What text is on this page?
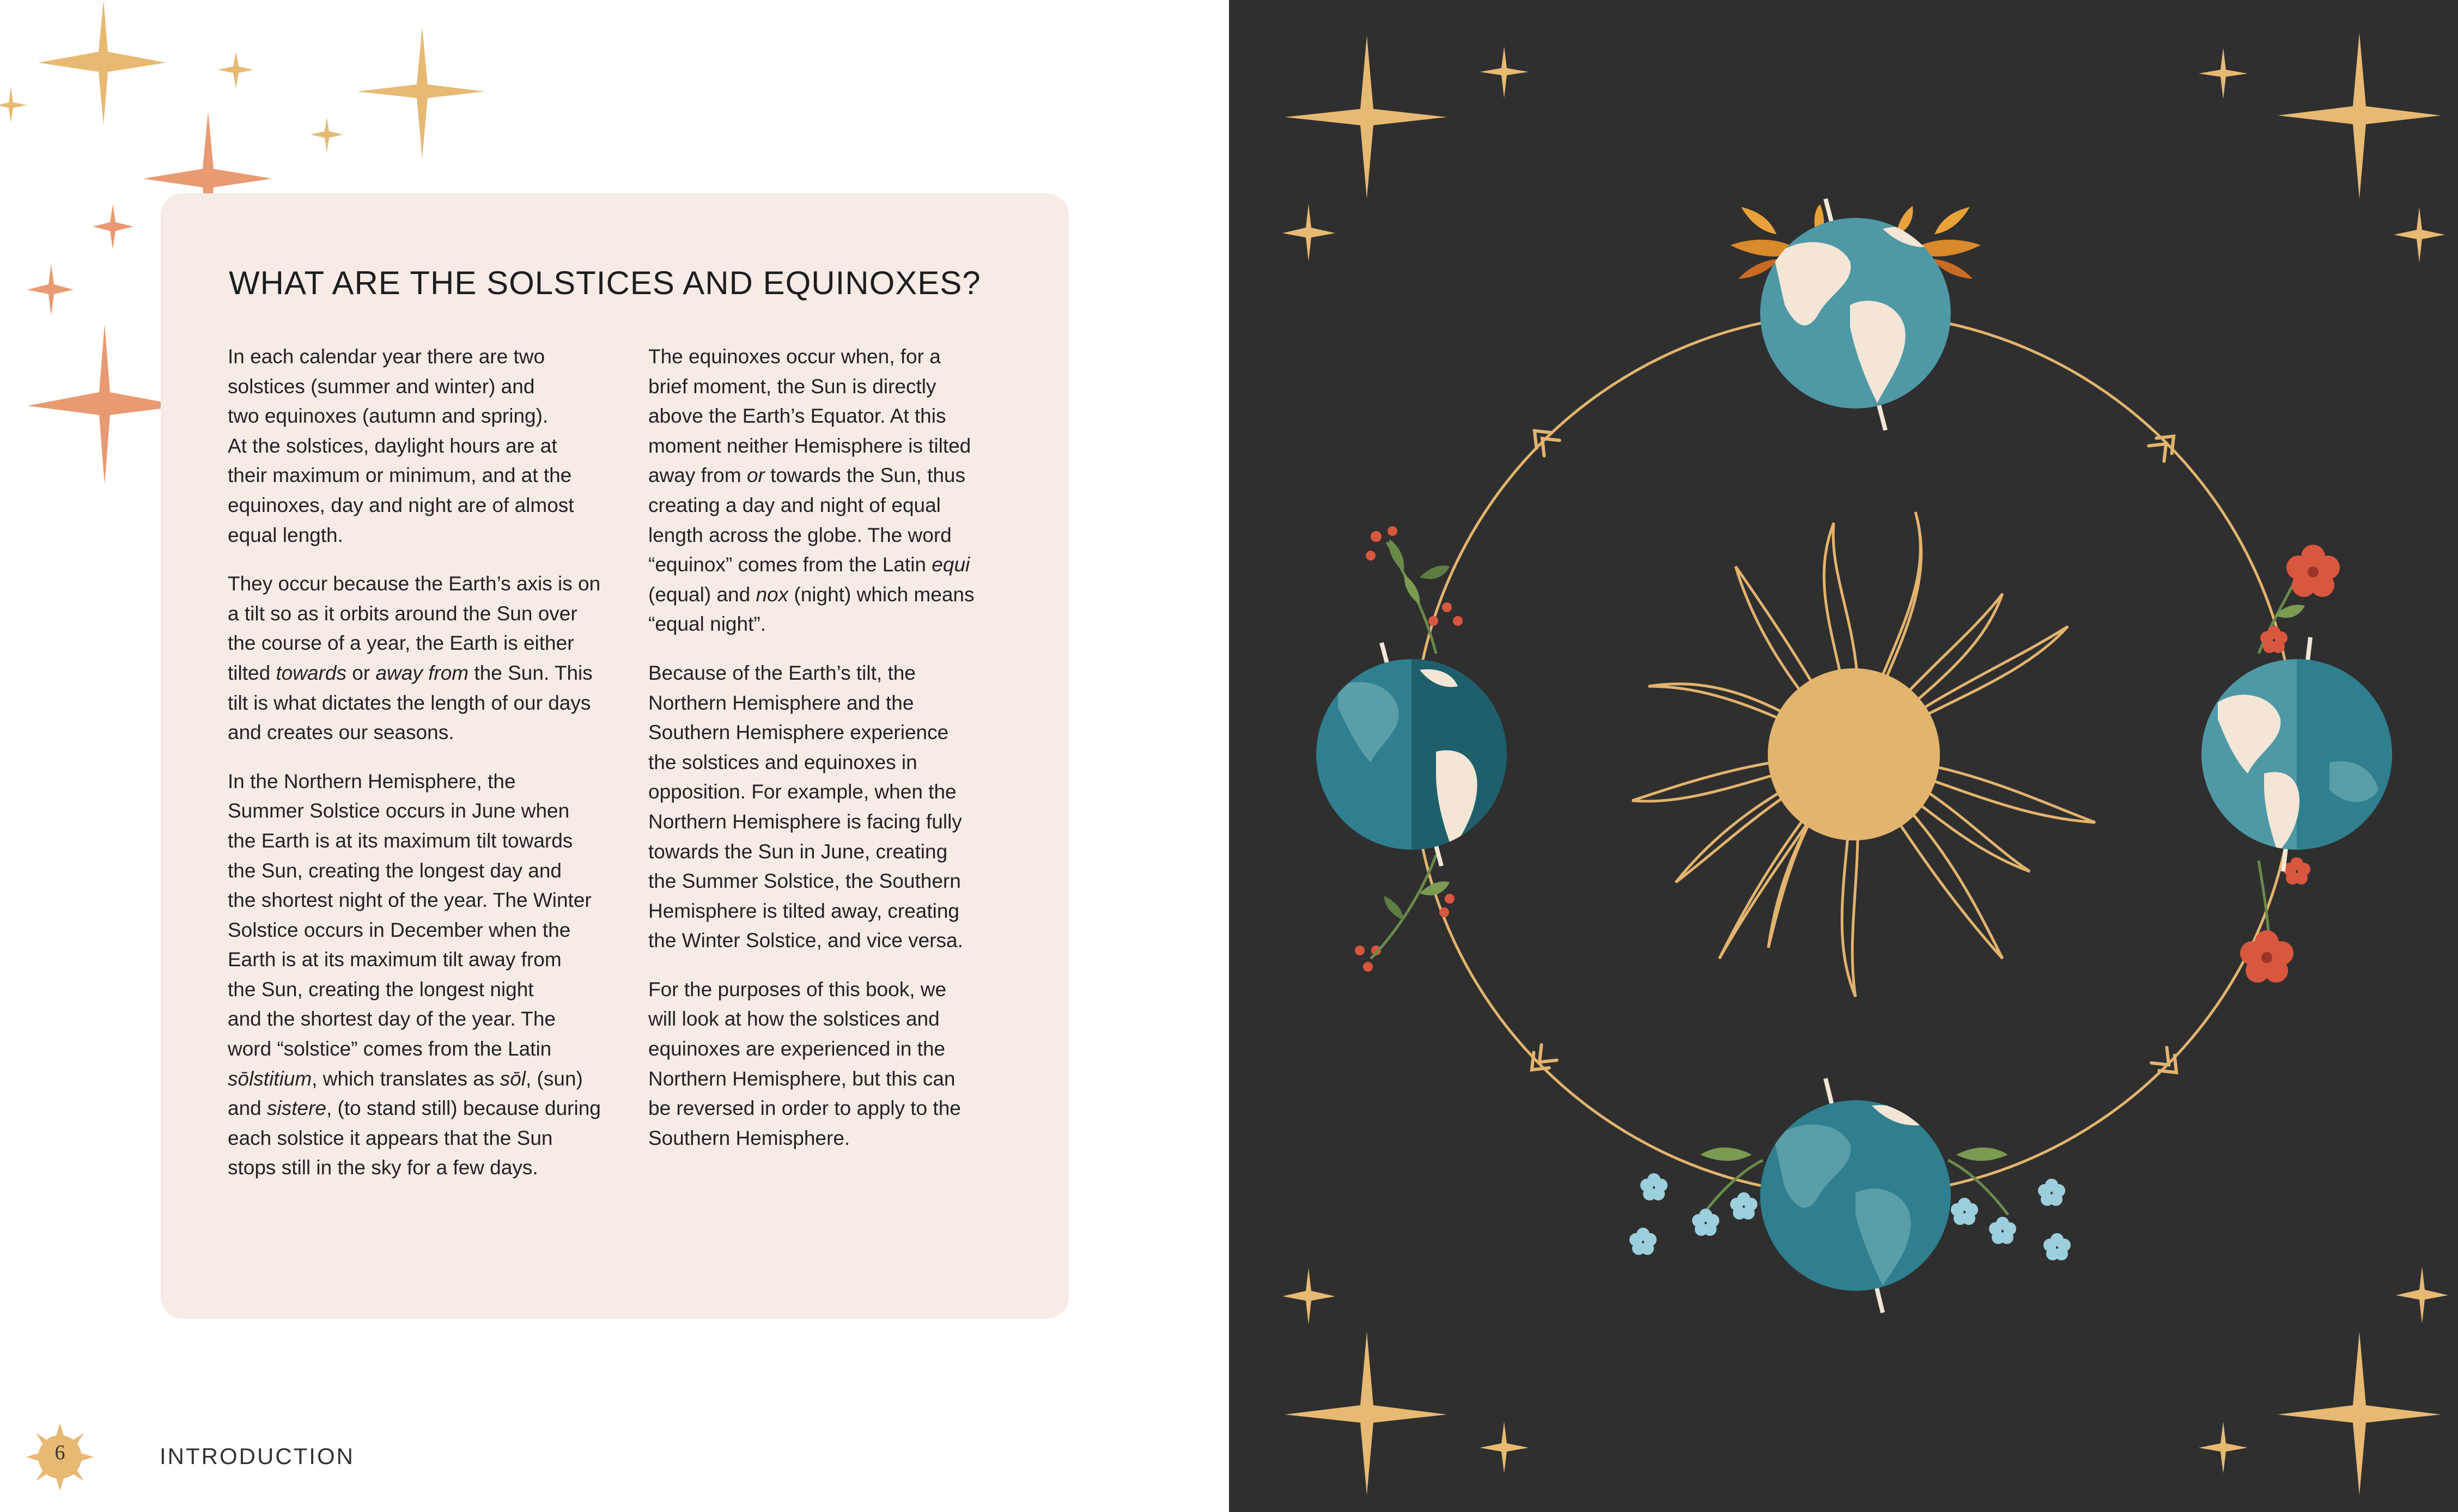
WHAT ARE THE SOLSTICES AND EQUINOXES?

In each calendar year there are two
solstices (summer and winter) and
two equinoxes (autumn and spring).
At the solstices, daylight hours are at
their maximum or minimum, and at the
equinoxes, day and night are of almost
equal length.

They occur because the Earth’s axis is on
a tilt so as it orbits around the Sun over
the course of a year, the Earth is either
tilted towards or away from the Sun. This
tilt is what dictates the length of our days
and creates our seasons.

In the Northern Hemisphere, the
Summer Solstice occurs in June when
the Earth is at its maximum tilt towards
the Sun, creating the longest day and
the shortest night of the year. The Winter
Solstice occurs in December when the
Earth is at its maximum tilt away from
the Sun, creating the longest night
and the shortest day of the year. The
word “solstice” comes from the Latin
sōlstitium, which translates as sōl, (sun)
and sistere, (to stand still) because during
each solstice it appears that the Sun
stops still in the sky for a few days.

The equinoxes occur when, for a
brief moment, the Sun is directly
above the Earth’s Equator. At this
moment neither Hemisphere is tilted
away from or towards the Sun, thus
creating a day and night of equal
length across the globe. The word
“equinox” comes from the Latin equi
(equal) and nox (night) which means
“equal night”.

Because of the Earth’s tilt, the
Northern Hemisphere and the
Southern Hemisphere experience
the solstices and equinoxes in
opposition. For example, when the
Northern Hemisphere is facing fully
towards the Sun in June, creating
the Summer Solstice, the Southern
Hemisphere is tilted away, creating
the Winter Solstice, and vice versa.

For the purposes of this book, we
will look at how the solstices and
equinoxes are experienced in the
Northern Hemisphere, but this can
be reversed in order to apply to the
Southern Hemisphere.

6	INTRODUCTION
